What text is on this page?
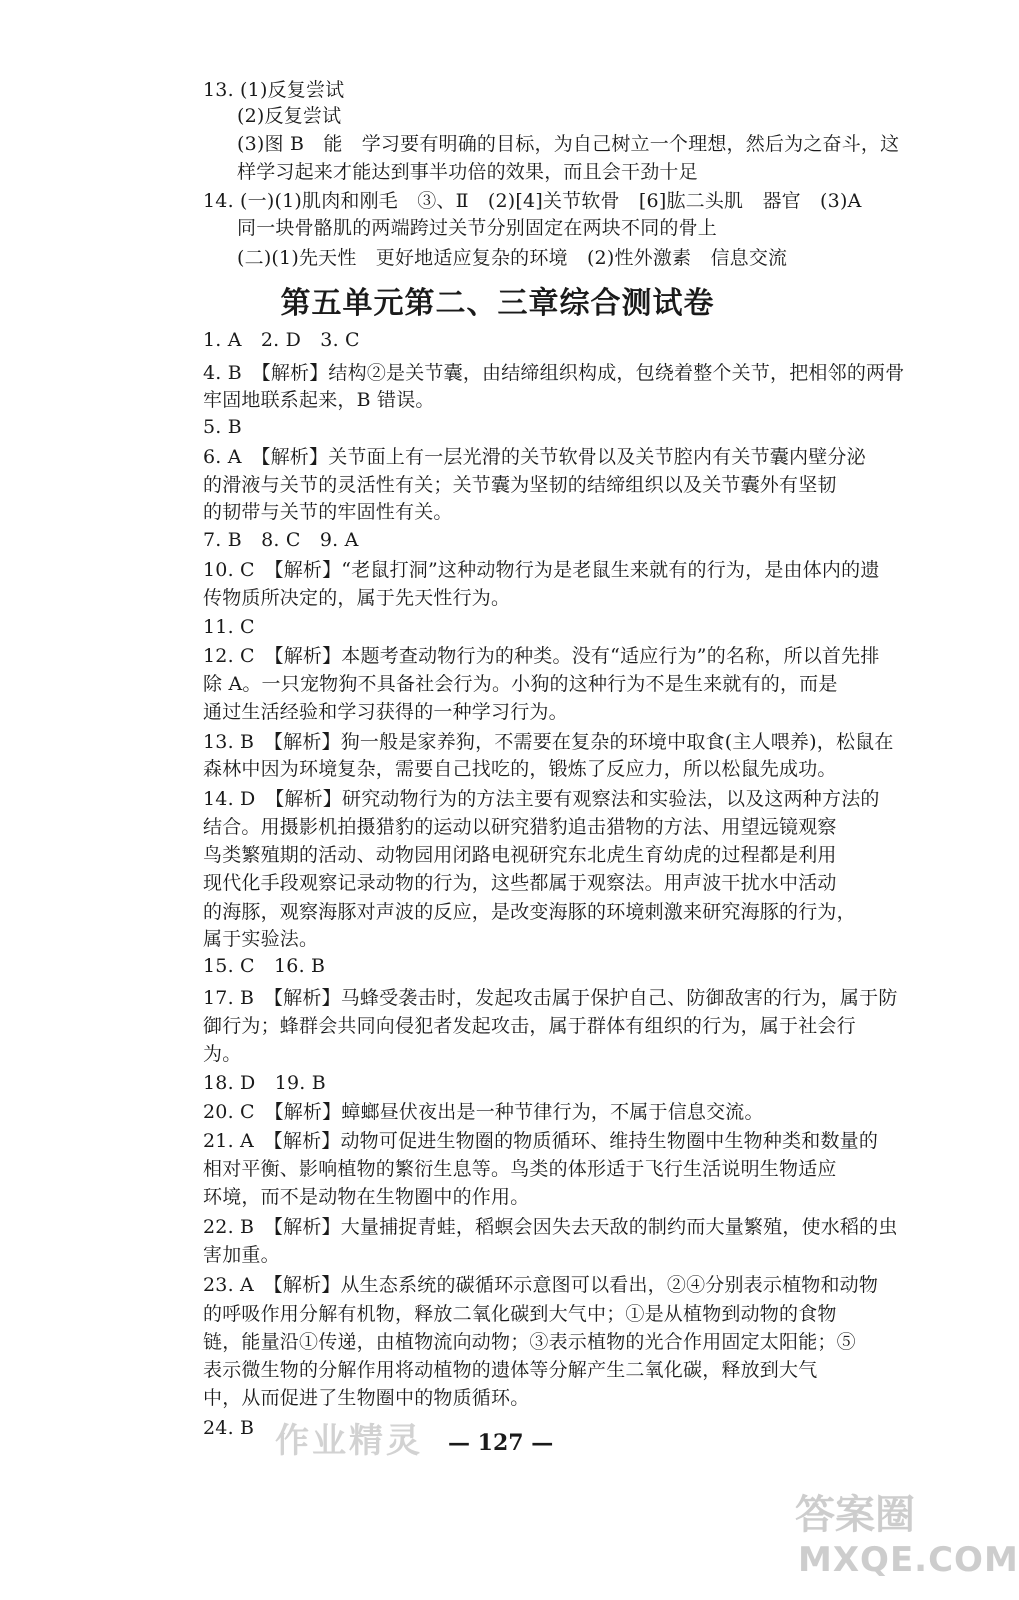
13. (1)反复尝试
(2)反复尝试
(3)图 B　能　学习要有明确的目标，为自己树立一个理想，然后为之奋斗，这
样学习起来才能达到事半功倍的效果，而且会干劲十足
14. (一)(1)肌肉和刚毛　③、Ⅱ　(2)[4]关节软骨　[6]肱二头肌　器官　(3)A
同一块骨骼肌的两端跨过关节分别固定在两块不同的骨上
(二)(1)先天性　更好地适应复杂的环境　(2)性外激素　信息交流
第五单元第二、三章综合测试卷
1. A　2. D　3. C
4. B　【解析】结构②是关节囊，由结缔组织构成，包绕着整个关节，把相邻的两骨
牢固地联系起来，B 错误。
5. B
6. A　【解析】关节面上有一层光滑的关节软骨以及关节腔内有关节囊内壁分泌
的滑液与关节的灵活性有关；关节囊为坚韧的结缔组织以及关节囊外有坚韧
的韧带与关节的牢固性有关。
7. B　8. C　9. A
10. C　【解析】“老鼠打洞”这种动物行为是老鼠生来就有的行为，是由体内的遗
传物质所决定的，属于先天性行为。
11. C
12. C　【解析】本题考查动物行为的种类。没有“适应行为”的名称，所以首先排
除 A。一只宠物狗不具备社会行为。小狗的这种行为不是生来就有的，而是
通过生活经验和学习获得的一种学习行为。
13. B　【解析】狗一般是家养狗，不需要在复杂的环境中取食(主人喂养)，松鼠在
森林中因为环境复杂，需要自己找吃的，锻炼了反应力，所以松鼠先成功。
14. D　【解析】研究动物行为的方法主要有观察法和实验法，以及这两种方法的
结合。用摄影机拍摄猎豹的运动以研究猎豹追击猎物的方法、用望远镜观察
鸟类繁殖期的活动、动物园用闭路电视研究东北虎生育幼虎的过程都是利用
现代化手段观察记录动物的行为，这些都属于观察法。用声波干扰水中活动
的海豚，观察海豚对声波的反应，是改变海豚的环境刺激来研究海豚的行为，
属于实验法。
15. C　16. B
17. B　【解析】马蜂受袭击时，发起攻击属于保护自己、防御敌害的行为，属于防
御行为；蜂群会共同向侵犯者发起攻击，属于群体有组织的行为，属于社会行
为。
18. D　19. B
20. C　【解析】蟑螂昼伏夜出是一种节律行为，不属于信息交流。
21. A　【解析】动物可促进生物圈的物质循环、维持生物圈中生物种类和数量的
相对平衡、影响植物的繁衍生息等。鸟类的体形适于飞行生活说明生物适应
环境，而不是动物在生物圈中的作用。
22. B　【解析】大量捕捉青蛙，稻螟会因失去天敌的制约而大量繁殖，使水稻的虫
害加重。
23. A　【解析】从生态系统的碳循环示意图可以看出，②④分别表示植物和动物
的呼吸作用分解有机物，释放二氧化碳到大气中；①是从植物到动物的食物
链，能量沿①传递，由植物流向动物；③表示植物的光合作用固定太阳能；⑤
表示微生物的分解作用将动植物的遗体等分解产生二氧化碳，释放到大气
中，从而促进了生物圈中的物质循环。
24. B
— 127 —
作业精灵
答案圈
MXQE.COM
